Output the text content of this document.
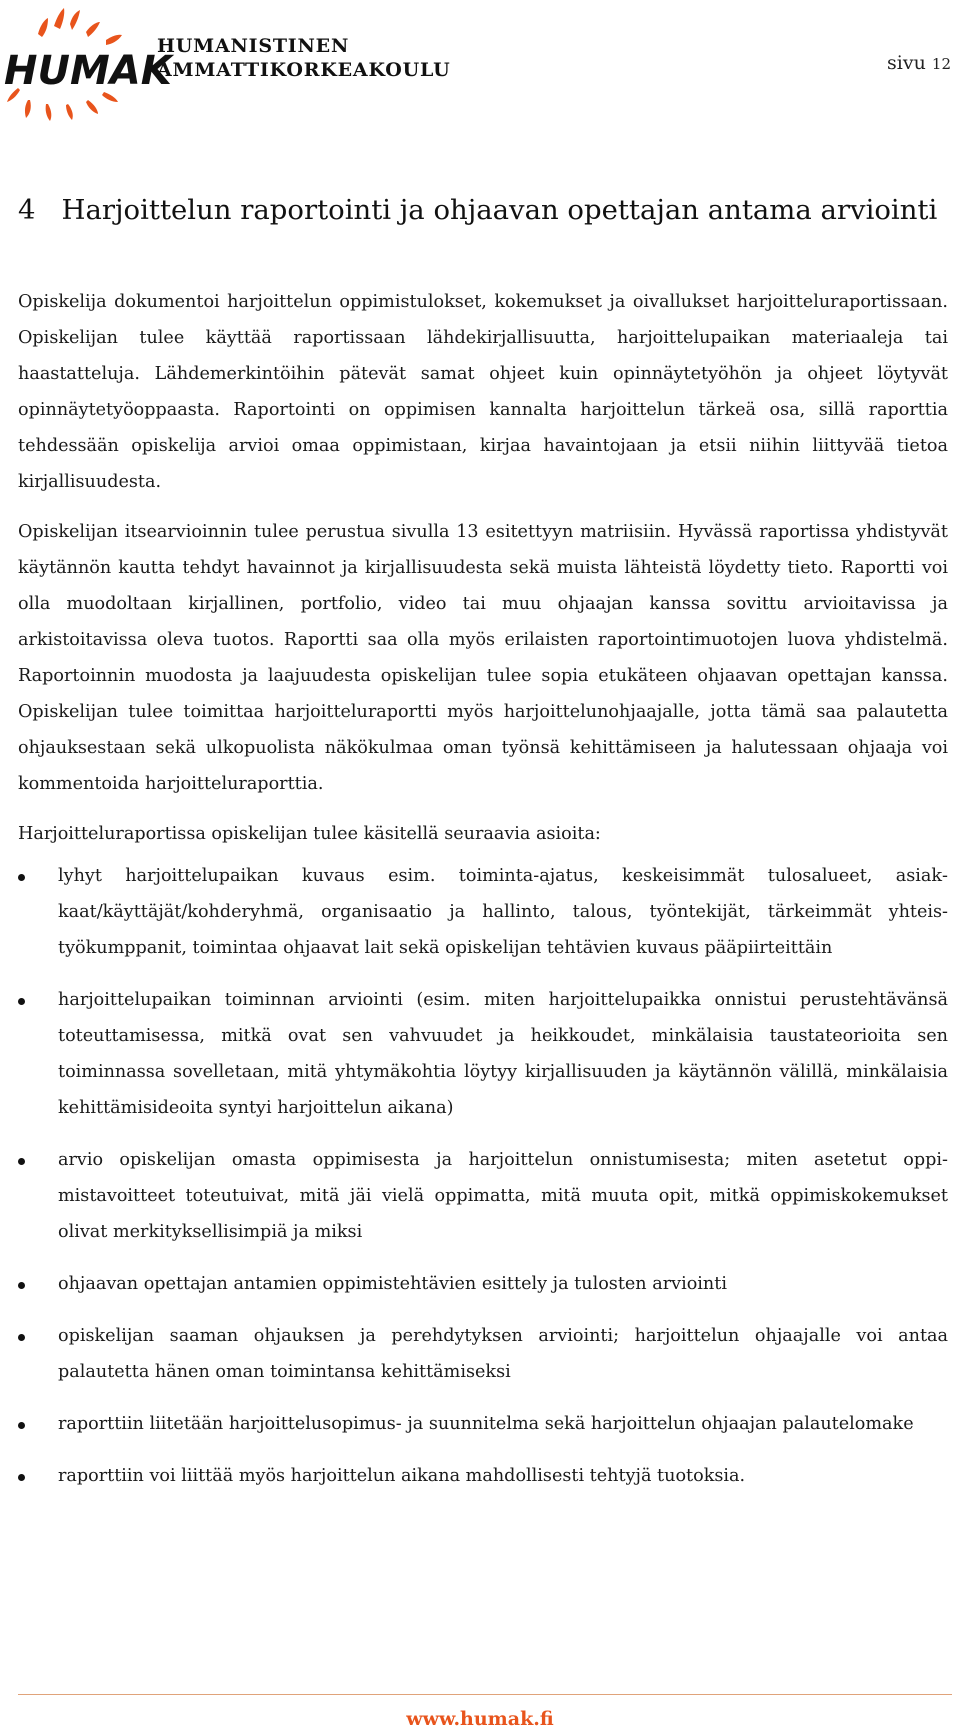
HUMAK
HUMANISTINEN
AMMATTIKORKEAKOULU	sivu 12
4 Harjoittelun raportointi ja ohjaavan opettajan antama arviointi

Opiskelija dokumentoi harjoittelun oppimistulokset, kokemukset ja oivallukset harjoitteluraportissaan. Opiskelijan tulee käyttää raportissaan lähdekirjallisuutta, harjoittelupaikan materiaaleja tai haastatteluja. Lähdemerkintöihin pätevät samat ohjeet kuin opinnäytetyöhön ja ohjeet löytyvät opinnäytetyöoppaasta. Raportointi on oppimisen kannalta harjoittelun tärkeä osa, sillä raporttia tehdessään opiskelija arvioi omaa oppimistaan, kirjaa havaintojaan ja etsii niihin liittyvää tietoa kirjallisuudesta.

Opiskelijan itsearvioinnin tulee perustua sivulla 13 esitettyyn matriisiin. Hyvässä raportissa yhdistyvät käytännön kautta tehdyt havainnot ja kirjallisuudesta sekä muista lähteistä löydetty tieto. Raportti voi olla muodoltaan kirjallinen, portfolio, video tai muu ohjaajan kanssa sovittu arvioitavissa ja arkistoitavissa oleva tuotos. Raportti saa olla myös erilaisten raportointimuotojen luova yhdistelmä. Raportoinnin muodosta ja laajuudesta opiskelijan tulee sopia etukäteen ohjaavan opettajan kanssa. Opiskelijan tulee toimittaa harjoitteluraportti myös harjoittelunohjaajalle, jotta tämä saa palautetta ohjauksestaan sekä ulkopuolista näkökulmaa oman työnsä kehittämiseen ja halutessaan ohjaaja voi kommentoida harjoitteluraporttia.

Harjoitteluraportissa opiskelijan tulee käsitellä seuraavia asioita:

lyhyt harjoittelupaikan kuvaus esim. toiminta-ajatus, keskeisimmät tulosalueet, asiakkaat/käyttäjät/kohderyhmä, organisaatio ja hallinto, talous, työntekijät, tärkeimmät yhteistyökumppanit, toimintaa ohjaavat lait sekä opiskelijan tehtävien kuvaus pääpiirteittäin
harjoittelupaikan toiminnan arviointi (esim. miten harjoittelupaikka onnistui perustehtävänsä toteuttamisessa, mitkä ovat sen vahvuudet ja heikkoudet, minkälaisia taustateorioita sen toiminnassa sovelletaan, mitä yhtymäkohtia löytyy kirjallisuuden ja käytännön välillä, minkälaisia kehittämisideoita syntyi harjoittelun aikana)
arvio opiskelijan omasta oppimisesta ja harjoittelun onnistumisesta; miten asetetut oppimistavoitteet toteutuivat, mitä jäi vielä oppimatta, mitä muuta opit, mitkä oppimiskokemukset olivat merkityksellisimpiä ja miksi
ohjaavan opettajan antamien oppimistehtävien esittely ja tulosten arviointi
opiskelijan saaman ohjauksen ja perehdytyksen arviointi; harjoittelun ohjaajalle voi antaa palautetta hänen oman toimintansa kehittämiseksi
raporttiin liitetään harjoittelusopimus- ja suunnitelma sekä harjoittelun ohjaajan palautelomake
raporttiin voi liittää myös harjoittelun aikana mahdollisesti tehtyjä tuotoksia.
www.humak.fi
